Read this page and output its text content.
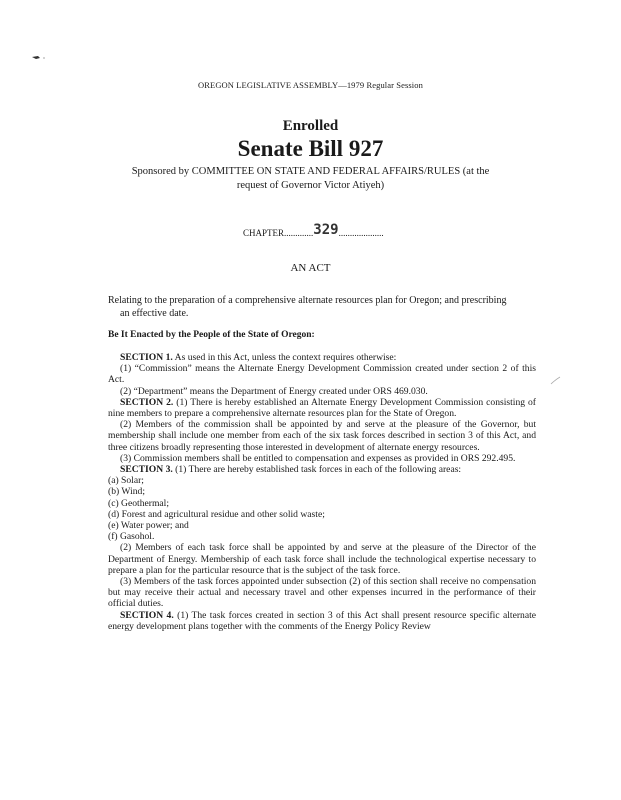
OREGON LEGISLATIVE ASSEMBLY—1979 Regular Session
Enrolled
Senate Bill 927
Sponsored by COMMITTEE ON STATE AND FEDERAL AFFAIRS/RULES (at the
request of Governor Victor Atiyeh)
CHAPTER.............329....................
AN ACT
Relating to the preparation of a comprehensive alternate resources plan for Oregon; and prescribing
an effective date.
Be It Enacted by the People of the State of Oregon:

SECTION 1. As used in this Act, unless the context requires otherwise:

(1) “Commission” means the Alternate Energy Development Commission created under section 2 of this Act.

(2) “Department” means the Department of Energy created under ORS 469.030.

SECTION 2. (1) There is hereby established an Alternate Energy Development Commission consisting of nine members to prepare a comprehensive alternate resources plan for the State of Oregon.

(2) Members of the commission shall be appointed by and serve at the pleasure of the Governor, but membership shall include one member from each of the six task forces described in section 3 of this Act, and three citizens broadly representing those interested in development of alternate energy resources.

(3) Commission members shall be entitled to compensation and expenses as provided in ORS 292.495.

SECTION 3. (1) There are hereby established task forces in each of the following areas:

(a) Solar;

(b) Wind;

(c) Geothermal;

(d) Forest and agricultural residue and other solid waste;

(e) Water power; and

(f) Gasohol.

(2) Members of each task force shall be appointed by and serve at the pleasure of the Director of the Department of Energy. Membership of each task force shall include the technological expertise necessary to prepare a plan for the particular resource that is the subject of the task force.

(3) Members of the task forces appointed under subsection (2) of this section shall receive no compensation but may receive their actual and necessary travel and other expenses incurred in the performance of their official duties.

SECTION 4. (1) The task forces created in section 3 of this Act shall present resource specific alternate energy development plans together with the comments of the Energy Policy Review
